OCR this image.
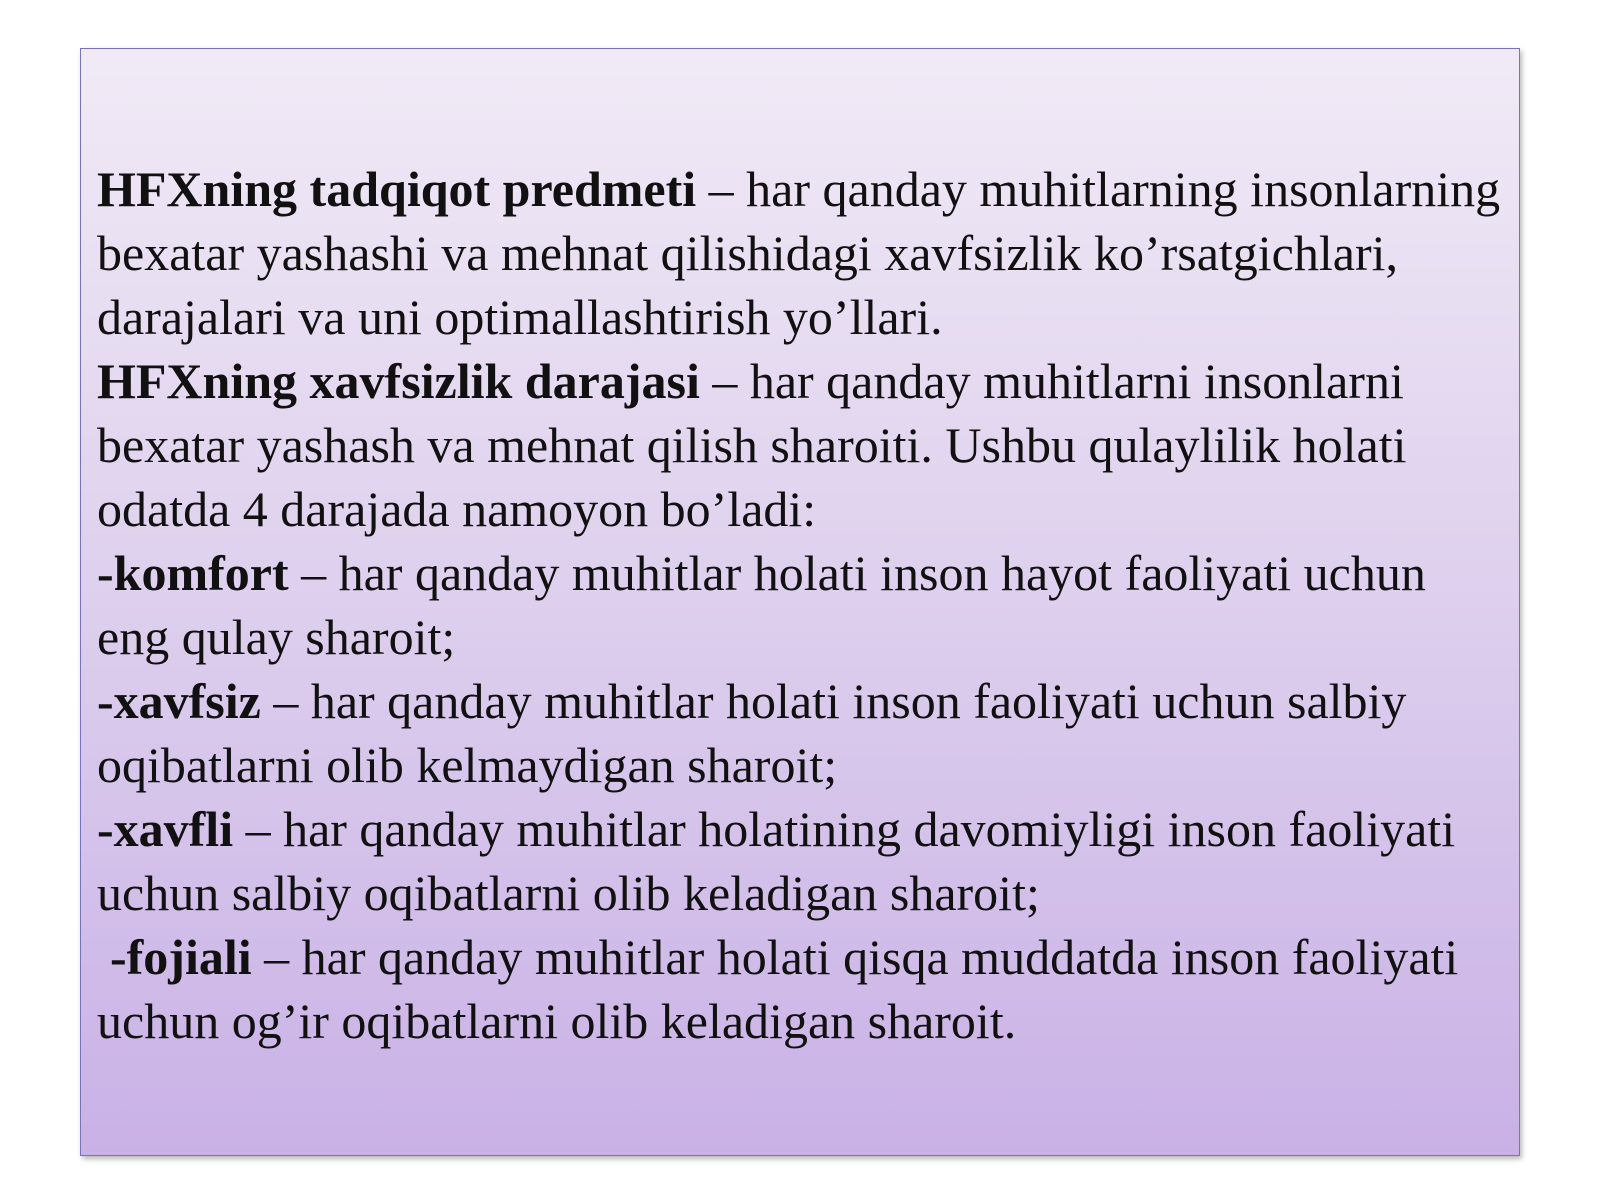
HFXning tadqiqot predmeti – har qanday muhitlarning insonlarning bexatar yashashi va mehnat qilishidagi xavfsizlik ko’rsatgichlari, darajalari va uni optimallashtirish yo’llari.

HFXning xavfsizlik darajasi – har qanday muhitlarni insonlarni bexatar yashash va mehnat qilish sharoiti. Ushbu qulaylilik holati odatda 4 darajada namoyon bo’ladi:

-komfort – har qanday muhitlar holati inson hayot faoliyati uchun eng qulay sharoit;

-xavfsiz – har qanday muhitlar holati inson faoliyati uchun salbiy oqibatlarni olib kelmaydigan sharoit;

-xavfli – har qanday muhitlar holatining davomiyligi inson faoliyati uchun salbiy oqibatlarni olib keladigan sharoit;

-fojiali – har qanday muhitlar holati qisqa muddatda inson faoliyati uchun og’ir oqibatlarni olib keladigan sharoit.
